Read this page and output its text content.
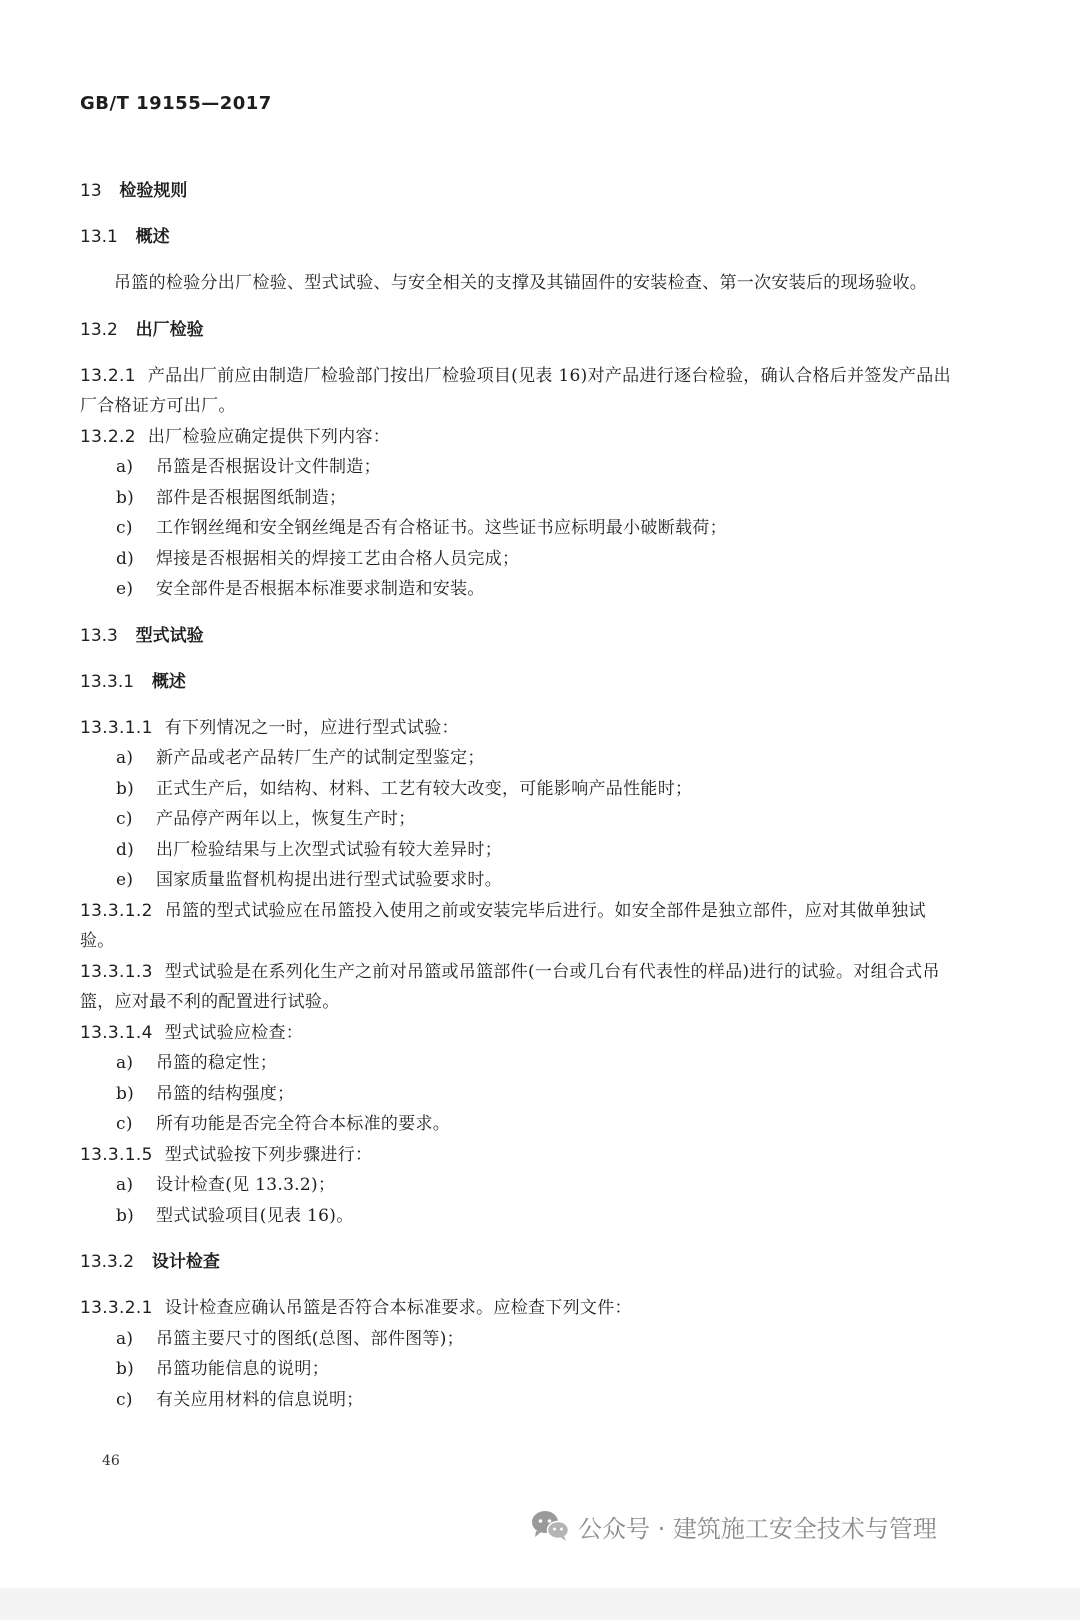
GB/T 19155—2017
13 检验规则
13.1 概述
吊篮的检验分出厂检验、型式试验、与安全相关的支撑及其锚固件的安装检查、第一次安装后的现场验收。
13.2 出厂检验
13.2.1 产品出厂前应由制造厂检验部门按出厂检验项目(见表 16)对产品进行逐台检验，确认合格后并签发产品出厂合格证方可出厂。
13.2.2 出厂检验应确定提供下列内容：
a) 吊篮是否根据设计文件制造；
b) 部件是否根据图纸制造；
c) 工作钢丝绳和安全钢丝绳是否有合格证书。这些证书应标明最小破断载荷；
d) 焊接是否根据相关的焊接工艺由合格人员完成；
e) 安全部件是否根据本标准要求制造和安装。
13.3 型式试验
13.3.1 概述
13.3.1.1 有下列情况之一时，应进行型式试验：
a) 新产品或老产品转厂生产的试制定型鉴定；
b) 正式生产后，如结构、材料、工艺有较大改变，可能影响产品性能时；
c) 产品停产两年以上，恢复生产时；
d) 出厂检验结果与上次型式试验有较大差异时；
e) 国家质量监督机构提出进行型式试验要求时。
13.3.1.2 吊篮的型式试验应在吊篮投入使用之前或安装完毕后进行。如安全部件是独立部件，应对其做单独试验。
13.3.1.3 型式试验是在系列化生产之前对吊篮或吊篮部件(一台或几台有代表性的样品)进行的试验。对组合式吊篮，应对最不利的配置进行试验。
13.3.1.4 型式试验应检查：
a) 吊篮的稳定性；
b) 吊篮的结构强度；
c) 所有功能是否完全符合本标准的要求。
13.3.1.5 型式试验按下列步骤进行：
a) 设计检查(见 13.3.2)；
b) 型式试验项目(见表 16)。
13.3.2 设计检查
13.3.2.1 设计检查应确认吊篮是否符合本标准要求。应检查下列文件：
a) 吊篮主要尺寸的图纸(总图、部件图等)；
b) 吊篮功能信息的说明；
c) 有关应用材料的信息说明；
46
公众号 · 建筑施工安全技术与管理
